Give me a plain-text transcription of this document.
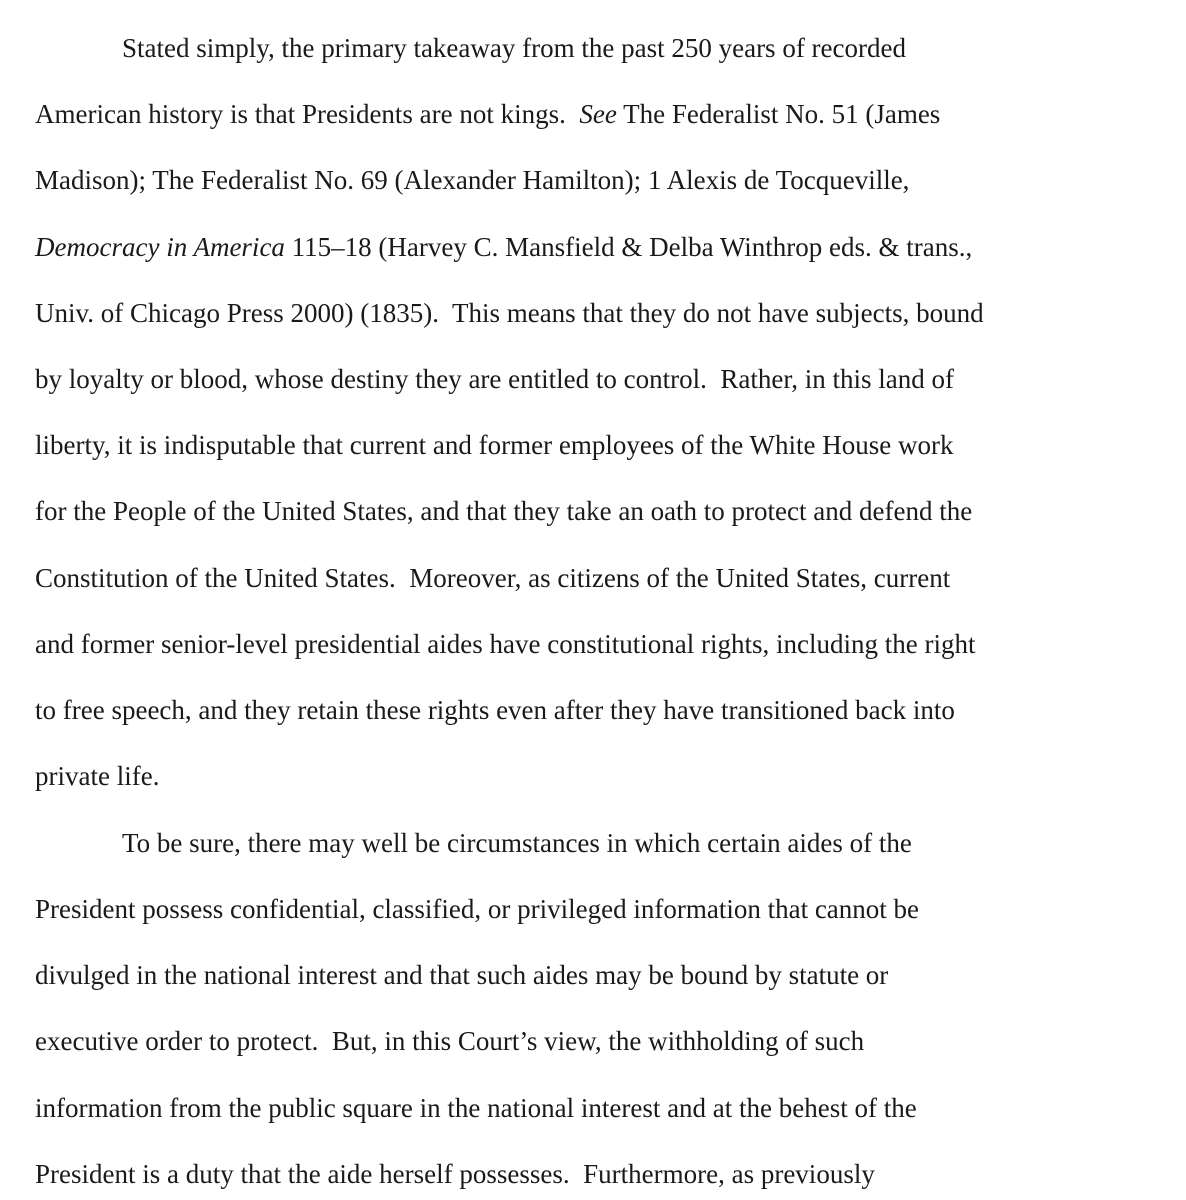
Stated simply, the primary takeaway from the past 250 years of recorded
American history is that Presidents are not kings.  See The Federalist No. 51 (James
Madison); The Federalist No. 69 (Alexander Hamilton); 1 Alexis de Tocqueville,
Democracy in America 115–18 (Harvey C. Mansfield & Delba Winthrop eds. & trans.,
Univ. of Chicago Press 2000) (1835).  This means that they do not have subjects, bound
by loyalty or blood, whose destiny they are entitled to control.  Rather, in this land of
liberty, it is indisputable that current and former employees of the White House work
for the People of the United States, and that they take an oath to protect and defend the
Constitution of the United States.  Moreover, as citizens of the United States, current
and former senior-level presidential aides have constitutional rights, including the right
to free speech, and they retain these rights even after they have transitioned back into
private life.
To be sure, there may well be circumstances in which certain aides of the
President possess confidential, classified, or privileged information that cannot be
divulged in the national interest and that such aides may be bound by statute or
executive order to protect.  But, in this Court’s view, the withholding of such
information from the public square in the national interest and at the behest of the
President is a duty that the aide herself possesses.  Furthermore, as previously
